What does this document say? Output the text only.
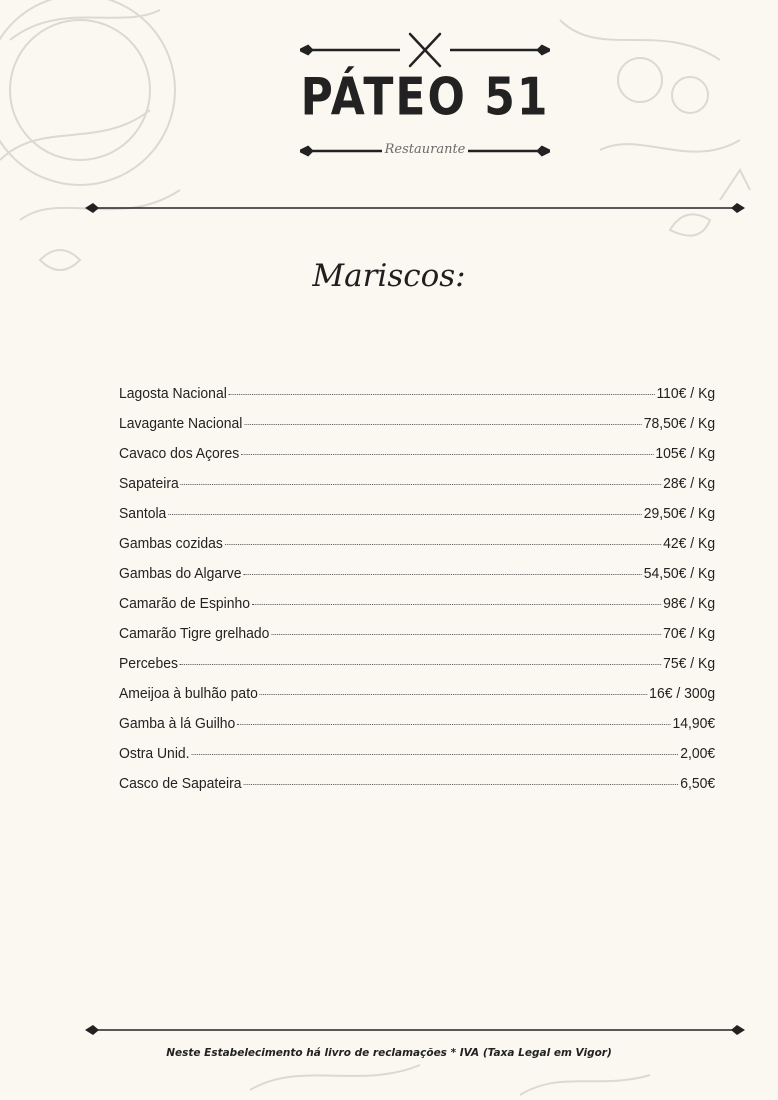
PÁTEO 51
Restaurante
Mariscos:
Lagosta Nacional	110€ / Kg
Lavagante Nacional	78,50€ / Kg
Cavaco dos Açores	105€ / Kg
Sapateira	28€ / Kg
Santola	29,50€ / Kg
Gambas cozidas	42€ / Kg
Gambas do Algarve	54,50€ / Kg
Camarão de Espinho	98€ / Kg
Camarão Tigre grelhado	70€ / Kg
Percebes	75€ / Kg
Ameijoa à bulhão pato	16€ / 300g
Gamba à lá Guilho	14,90€
Ostra Unid.	2,00€
Casco de Sapateira	6,50€
Neste Estabelecimento há livro de reclamações * IVA (Taxa Legal em Vigor)
